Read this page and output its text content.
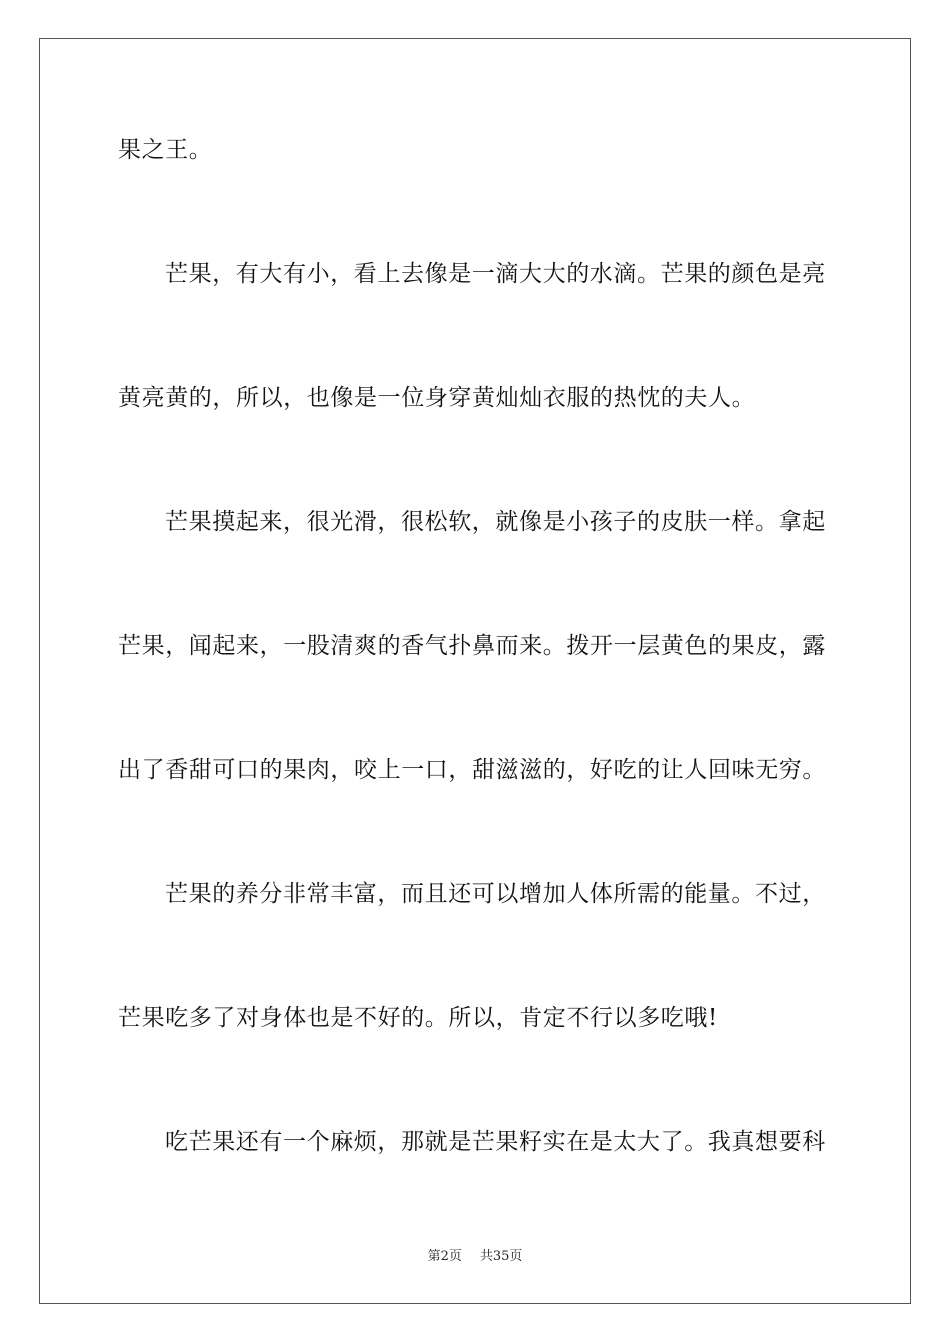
果之王。
芒果，有大有小，看上去像是一滴大大的水滴。芒果的颜色是亮
黄亮黄的，所以，也像是一位身穿黄灿灿衣服的热忱的夫人。
芒果摸起来，很光滑，很松软，就像是小孩子的皮肤一样。拿起
芒果，闻起来，一股清爽的香气扑鼻而来。拨开一层黄色的果皮，露
出了香甜可口的果肉，咬上一口，甜滋滋的，好吃的让人回味无穷。
芒果的养分非常丰富，而且还可以增加人体所需的能量。不过，
芒果吃多了对身体也是不好的。所以，肯定不行以多吃哦!
吃芒果还有一个麻烦，那就是芒果籽实在是太大了。我真想要科
第2页 共35页
